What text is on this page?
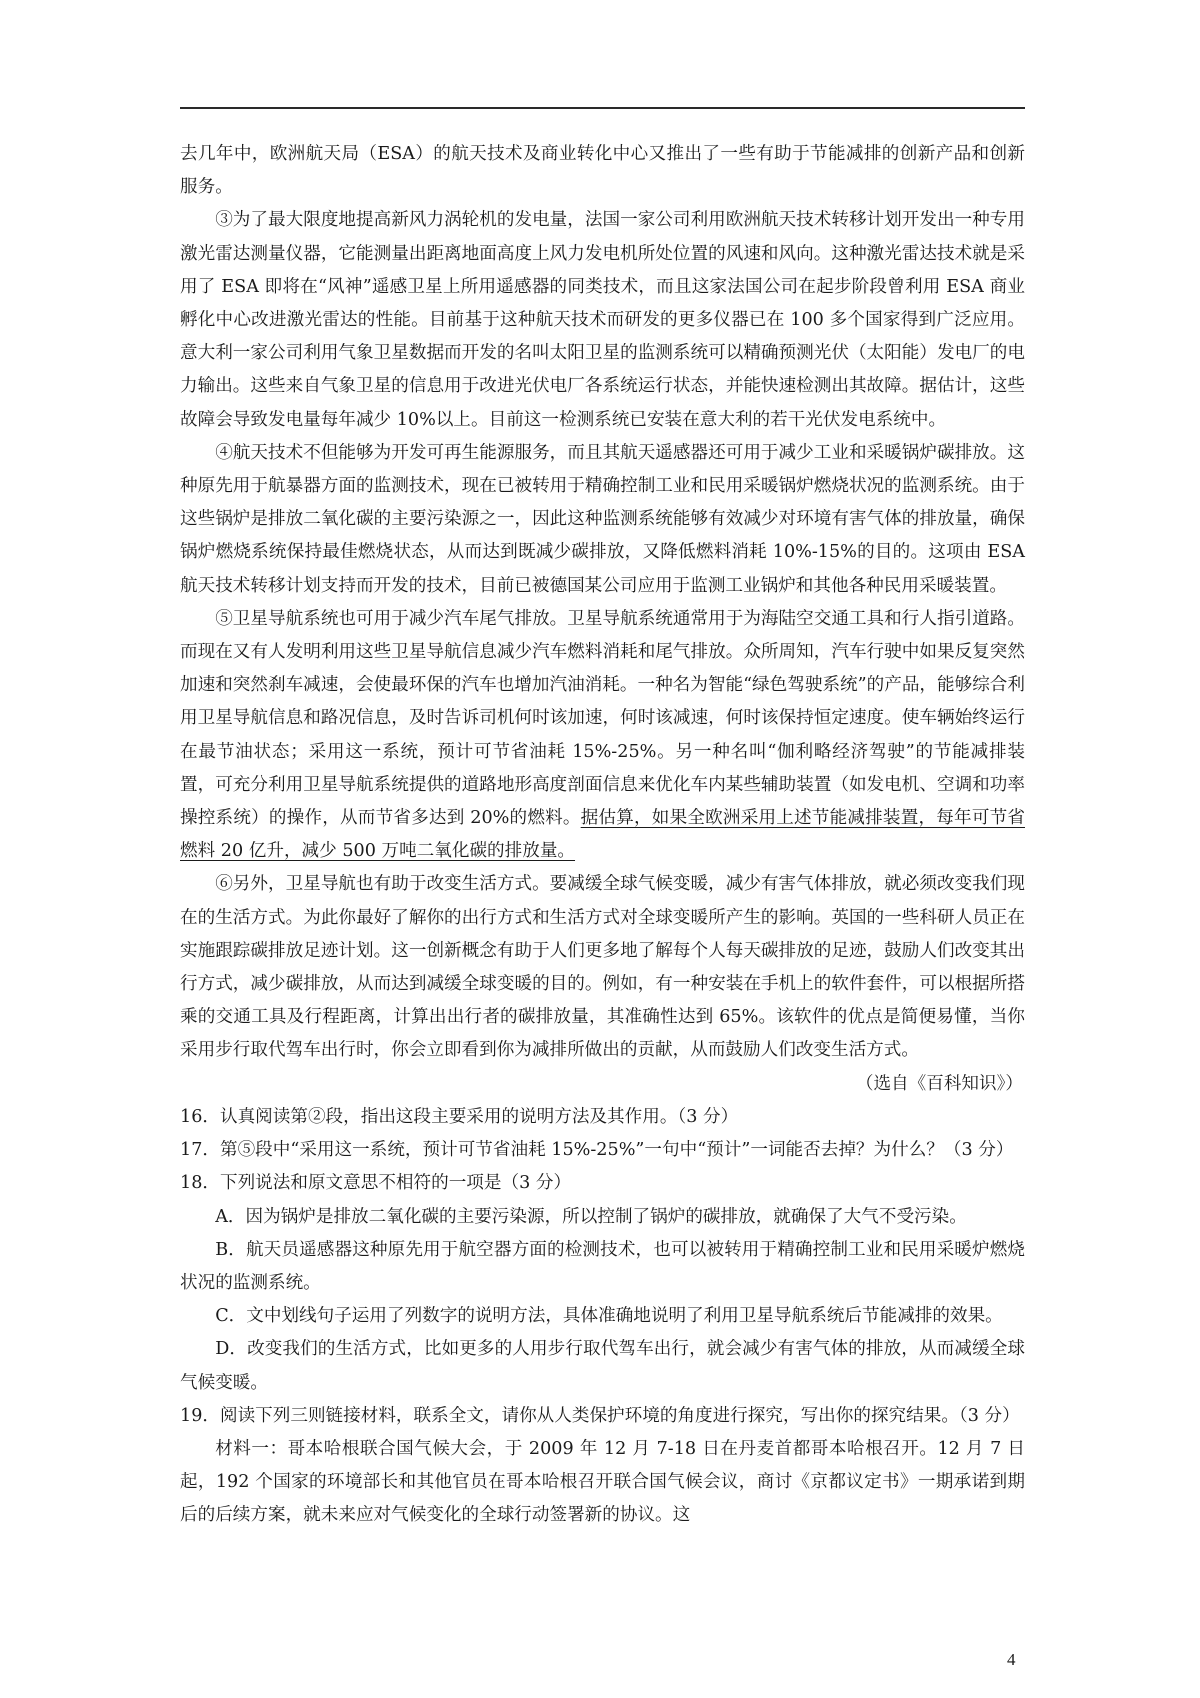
去几年中，欧洲航天局（ESA）的航天技术及商业转化中心又推出了一些有助于节能减排的创新产品和创新服务。

③为了最大限度地提高新风力涡轮机的发电量，法国一家公司利用欧洲航天技术转移计划开发出一种专用激光雷达测量仪器，它能测量出距离地面高度上风力发电机所处位置的风速和风向。这种激光雷达技术就是采用了 ESA 即将在“风神”遥感卫星上所用遥感器的同类技术，而且这家法国公司在起步阶段曾利用 ESA 商业孵化中心改进激光雷达的性能。目前基于这种航天技术而研发的更多仪器已在 100 多个国家得到广泛应用。意大利一家公司利用气象卫星数据而开发的名叫太阳卫星的监测系统可以精确预测光伏（太阳能）发电厂的电力输出。这些来自气象卫星的信息用于改进光伏电厂各系统运行状态，并能快速检测出其故障。据估计，这些故障会导致发电量每年减少 10%以上。目前这一检测系统已安装在意大利的若干光伏发电系统中。

④航天技术不但能够为开发可再生能源服务，而且其航天遥感器还可用于减少工业和采暖锅炉碳排放。这种原先用于航暴器方面的监测技术，现在已被转用于精确控制工业和民用采暖锅炉燃烧状况的监测系统。由于这些锅炉是排放二氧化碳的主要污染源之一，因此这种监测系统能够有效减少对环境有害气体的排放量，确保锅炉燃烧系统保持最佳燃烧状态，从而达到既减少碳排放，又降低燃料消耗 10%-15%的目的。这项由 ESA 航天技术转移计划支持而开发的技术，目前已被德国某公司应用于监测工业锅炉和其他各种民用采暖装置。

⑤卫星导航系统也可用于减少汽车尾气排放。卫星导航系统通常用于为海陆空交通工具和行人指引道路。而现在又有人发明利用这些卫星导航信息减少汽车燃料消耗和尾气排放。众所周知，汽车行驶中如果反复突然加速和突然刹车减速，会使最环保的汽车也增加汽油消耗。一种名为智能“绿色驾驶系统”的产品，能够综合利用卫星导航信息和路况信息，及时告诉司机何时该加速，何时该减速，何时该保持恒定速度。使车辆始终运行在最节油状态；采用这一系统，预计可节省油耗 15%-25%。另一种名叫“伽利略经济驾驶”的节能减排装置，可充分利用卫星导航系统提供的道路地形高度剖面信息来优化车内某些辅助装置（如发电机、空调和功率操控系统）的操作，从而节省多达到 20%的燃料。据估算，如果全欧洲采用上述节能减排装置，每年可节省燃料 20 亿升，减少 500 万吨二氧化碳的排放量。

⑥另外，卫星导航也有助于改变生活方式。要减缓全球气候变暖，减少有害气体排放，就必须改变我们现在的生活方式。为此你最好了解你的出行方式和生活方式对全球变暖所产生的影响。英国的一些科研人员正在实施跟踪碳排放足迹计划。这一创新概念有助于人们更多地了解每个人每天碳排放的足迹，鼓励人们改变其出行方式，减少碳排放，从而达到减缓全球变暖的目的。例如，有一种安装在手机上的软件套件，可以根据所搭乘的交通工具及行程距离，计算出出行者的碳排放量，其准确性达到 65%。该软件的优点是简便易懂，当你采用步行取代驾车出行时，你会立即看到你为减排所做出的贡献，从而鼓励人们改变生活方式。

（选自《百科知识》）

16．认真阅读第②段，指出这段主要采用的说明方法及其作用。（3 分）

17．第⑤段中“采用这一系统，预计可节省油耗 15%-25%”一句中“预计”一词能否去掉？为什么？（3 分）

18．下列说法和原文意思不相符的一项是（3 分）

A．因为锅炉是排放二氧化碳的主要污染源，所以控制了锅炉的碳排放，就确保了大气不受污染。

B．航天员遥感器这种原先用于航空器方面的检测技术，也可以被转用于精确控制工业和民用采暖炉燃烧状况的监测系统。

C．文中划线句子运用了列数字的说明方法，具体准确地说明了利用卫星导航系统后节能减排的效果。

D．改变我们的生活方式，比如更多的人用步行取代驾车出行，就会减少有害气体的排放，从而减缓全球气候变暖。

19．阅读下列三则链接材料，联系全文，请你从人类保护环境的角度进行探究，写出你的探究结果。（3 分）

材料一：哥本哈根联合国气候大会，于 2009 年 12 月 7-18 日在丹麦首都哥本哈根召开。12 月 7 日起，192 个国家的环境部长和其他官员在哥本哈根召开联合国气候会议，商讨《京都议定书》一期承诺到期后的后续方案，就未来应对气候变化的全球行动签署新的协议。这

4
